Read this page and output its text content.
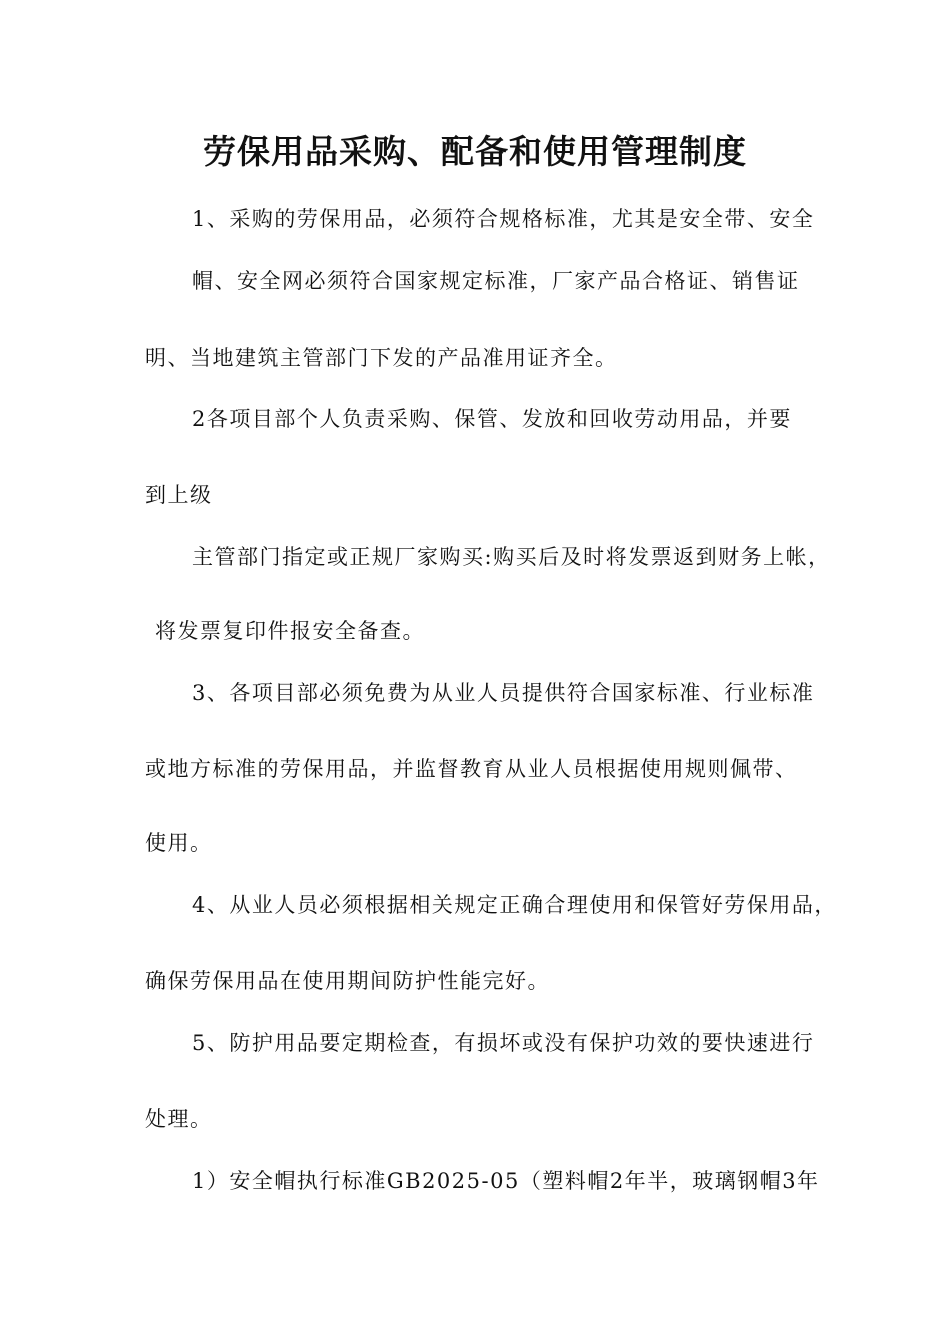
劳保用品采购、配备和使用管理制度
1、采购的劳保用品，必须符合规格标准，尤其是安全带、安全
帽、安全网必须符合国家规定标准，厂家产品合格证、销售证
明、当地建筑主管部门下发的产品准用证齐全。
2各项目部个人负责采购、保管、发放和回收劳动用品，并要
到上级
主管部门指定或正规厂家购买:购买后及时将发票返到财务上帐，
将发票复印件报安全备查。
3、各项目部必须免费为从业人员提供符合国家标准、行业标准
或地方标准的劳保用品，并监督教育从业人员根据使用规则佩带、
使用。
4、从业人员必须根据相关规定正确合理使用和保管好劳保用品，
确保劳保用品在使用期间防护性能完好。
5、防护用品要定期检查，有损坏或没有保护功效的要快速进行
处理。
1）安全帽执行标准GB2025-05（塑料帽2年半，玻璃钢帽3年
